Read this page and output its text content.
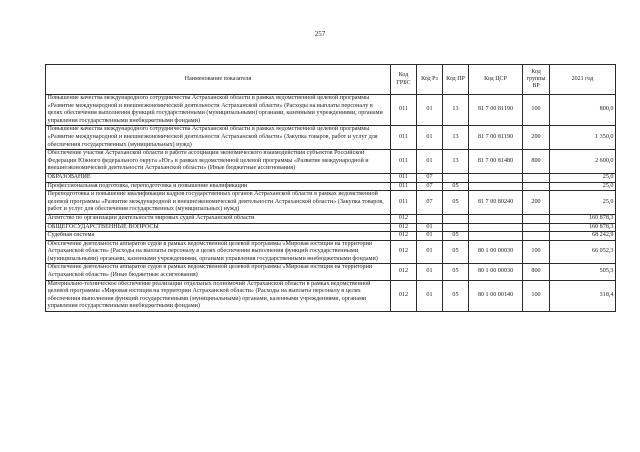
257
Наименование показателя	Код ГРБС	Код Рз	Код ПР	Код ЦСР	Код группы ВР	2021 год
Повышение качества международного сотрудничества Астраханской области в рамках ведомственной целевой программы «Развитие международной и внешнеэкономической деятельности Астраханской области» (Расходы на выплаты персоналу в целях обеспечения выполнения функций государственными (муниципальными) органами, казенными учреждениями, органами управления государственными внебюджетными фондами)	011	01	13	81 7 00 81190	100	800,0
Повышение качества международного сотрудничества Астраханской области в рамках ведомственной целевой программы «Развитие международной и внешнеэкономической деятельности Астраханской области» (Закупка товаров, работ и услуг для обеспечения государственных (муниципальных) нужд)	011	01	13	81 7 00 81190	200	1 350,0
Обеспечение участия Астраханской области в работе ассоциации экономического взаимодействия субъектов Российской Федерации Южного федерального округа «Юг» в рамках ведомственной целевой программы «Развитие международной и внешнеэкономической деятельности Астраханской области» (Иные бюджетные ассигнования)	011	01	13	81 7 00 81480	800	2 600,0
ОБРАЗОВАНИЕ	011	07				25,0
Профессиональная подготовка, переподготовка и повышение квалификации	011	07	05			25,0
Переподготовка и повышение квалификации кадров государственных органов Астраханской области в рамках ведомственной целевой программы «Развитие международной и внешнеэкономической деятельности Астраханской области» (Закупка товаров, работ и услуг для обеспечения государственных (муниципальных) нужд)	011	07	05	81 7 00 80240	200	25,0
Агентство по организации деятельности мировых судей Астраханской области	012					160 878,3
ОБЩЕГОСУДАРСТВЕННЫЕ ВОПРОСЫ	012	01				160 878,3
Судебная система	012	01	05			68 242,9
Обеспечение деятельности аппаратов судов в рамках ведомственной целевой программы «Мировая юстиция на территории Астраханской области» (Расходы на выплаты персоналу в целях обеспечения выполнения функций государственными (муниципальными) органами, казенными учреждениями, органами управления государственными внебюджетными фондами)	012	01	05	80 1 00 00030	100	66 052,3
Обеспечение деятельности аппаратов судов в рамках ведомственной целевой программы «Мировая юстиция на территории Астраханской области» (Иные бюджетные ассигнования)	012	01	05	80 1 00 00030	800	505,3
Материально-техническое обеспечение реализации отдельных полномочий Астраханской области в рамках ведомственной целевой программы «Мировая юстиция на территории Астраханской области» (Расходы на выплаты персоналу в целях обеспечения выполнения функций государственными (муниципальными) органами, казенными учреждениями, органами управления государственными внебюджетными фондами)	012	01	05	80 1 00 00140	100	318,4
